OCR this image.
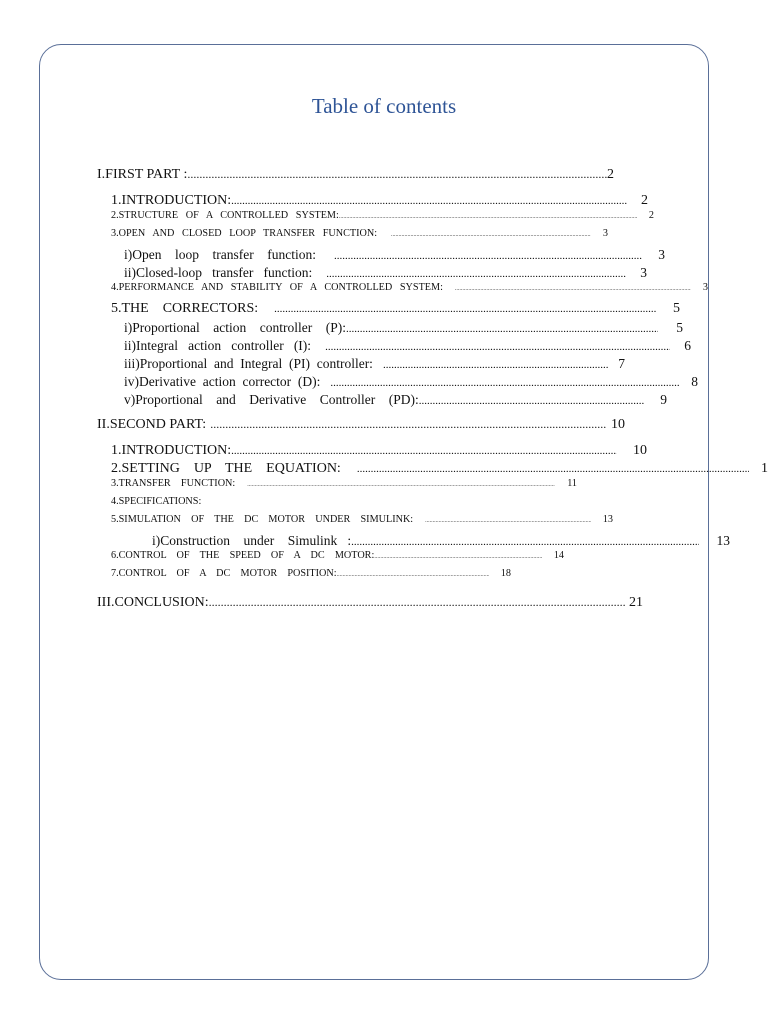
Table of contents
I. FIRST PART : .....	2
1. INTRODUCTION: .....	2
2. STRUCTURE   OF   A   CONTROLLED   SYSTEM: .....	2
3. OPEN   AND   CLOSED   LOOP   TRANSFER   FUNCTION: .....	3
i) Open    loop    transfer    function: .....	3
ii) Closed-loop   transfer   function: .....	3
4. PERFORMANCE   AND   STABILITY   OF   A   CONTROLLED   SYSTEM: .....	3
5. THE    CORRECTORS: .....	5
i) Proportional    action    controller    (P): .....	5
ii) Integral   action   controller   (I): .....	6
iii) Proportional  and  Integral  (PI)  controller: .....	7
iv) Derivative  action  corrector  (D): .....	8
v) Proportional    and    Derivative    Controller    (PD): .....	9
II. SECOND PART: .....	10
1. INTRODUCTION: .....	10
2. SETTING    UP    THE    EQUATION: .....	1
3. TRANSFER    FUNCTION: .....	11
4. SPECIFICATIONS:
5. SIMULATION    OF    THE    DC    MOTOR    UNDER    SIMULINK: .....	13
i) Construction    under    Simulink   : .....	13
6. CONTROL    OF    THE    SPEED    OF    A    DC    MOTOR: .....	14
7. CONTROL    OF    A    DC    MOTOR    POSITION: .....	18
III. CONCLUSION: .....	21
